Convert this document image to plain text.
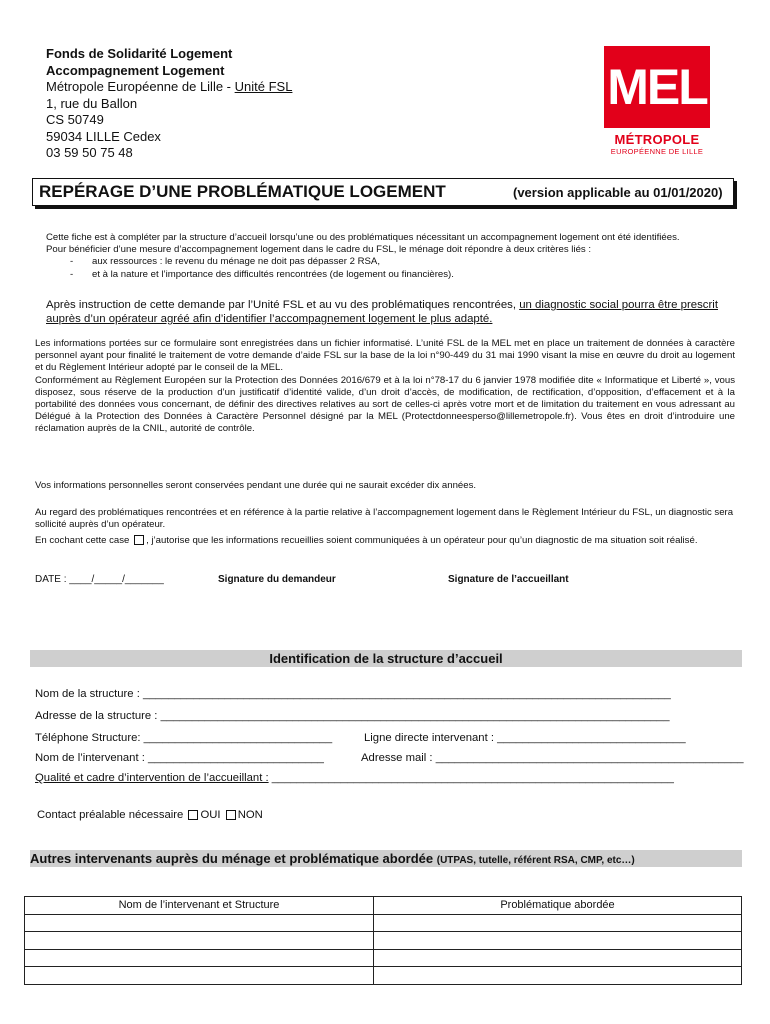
Fonds de Solidarité Logement
Accompagnement Logement
Métropole Européenne de Lille - Unité FSL
1, rue du Ballon
CS 50749
59034 LILLE Cedex
03 59 50 75 48
MEL
MÉTROPOLE
EUROPÉENNE DE LILLE
REPÉRAGE D’UNE PROBLÉMATIQUE LOGEMENT	(version applicable au 01/01/2020)
Cette fiche est à compléter par la structure d’accueil lorsqu’une ou des problématiques nécessitant un accompagnement logement ont été identifiées.
Pour bénéficier d’une mesure d’accompagnement logement dans le cadre du FSL, le ménage doit répondre à deux critères liés :
- aux ressources : le revenu du ménage ne doit pas dépasser 2 RSA,
- et à la nature et l’importance des difficultés rencontrées (de logement ou financières).
Après instruction de cette demande par l’Unité FSL et au vu des problématiques rencontrées, un diagnostic social pourra être prescrit auprès d’un opérateur agréé afin d’identifier l’accompagnement logement le plus adapté.
Les informations portées sur ce formulaire sont enregistrées dans un fichier informatisé. L’unité FSL de la MEL met en place un traitement de données à caractère personnel ayant pour finalité le traitement de votre demande d’aide FSL sur la base de la loi n°90-449 du 31 mai 1990 visant la mise en œuvre du droit au logement et du Règlement Intérieur adopté par le conseil de la MEL.
Conformément au Règlement Européen sur la Protection des Données 2016/679 et à la loi n°78-17 du 6 janvier 1978 modifiée dite « Informatique et Liberté », vous disposez, sous réserve de la production d’un justificatif d’identité valide, d’un droit d’accès, de modification, de rectification, d’opposition, d’effacement et à la portabilité des données vous concernant, de définir des directives relatives au sort de celles-ci après votre mort et de limitation du traitement en vous adressant au Délégué à la Protection des Données à Caractère Personnel désigné par la MEL (Protectdonneesperso@lillemetropole.fr). Vous êtes en droit d’introduire une réclamation auprès de la CNIL, autorité de contrôle.
Vos informations personnelles seront conservées pendant une durée qui ne saurait excéder dix années.
Au regard des problématiques rencontrées et en référence à la partie relative à l’accompagnement logement dans le Règlement Intérieur du FSL, un diagnostic sera sollicité auprès d’un opérateur.
En cochant cette case , j’autorise que les informations recueillies soient communiquées à un opérateur pour qu’un diagnostic de ma situation soit réalisé.
DATE : ____/_____/_______	Signature du demandeur	Signature de l’accueillant
Identification de la structure d’accueil
Nom de la structure : ____________________________________________________________________________________
Adresse de la structure : _________________________________________________________________________________
Téléphone Structure: ______________________________	Ligne directe intervenant : ______________________________
Nom de l’intervenant : ____________________________	Adresse mail : _________________________________________________
Qualité et cadre d’intervention de l’accueillant : ________________________________________________________________
Contact préalable nécessaire OUI NON
Autres intervenants auprès du ménage et problématique abordée (UTPAS, tutelle, référent RSA, CMP, etc…)
Nom de l’intervenant et Structure	Problématique abordée
